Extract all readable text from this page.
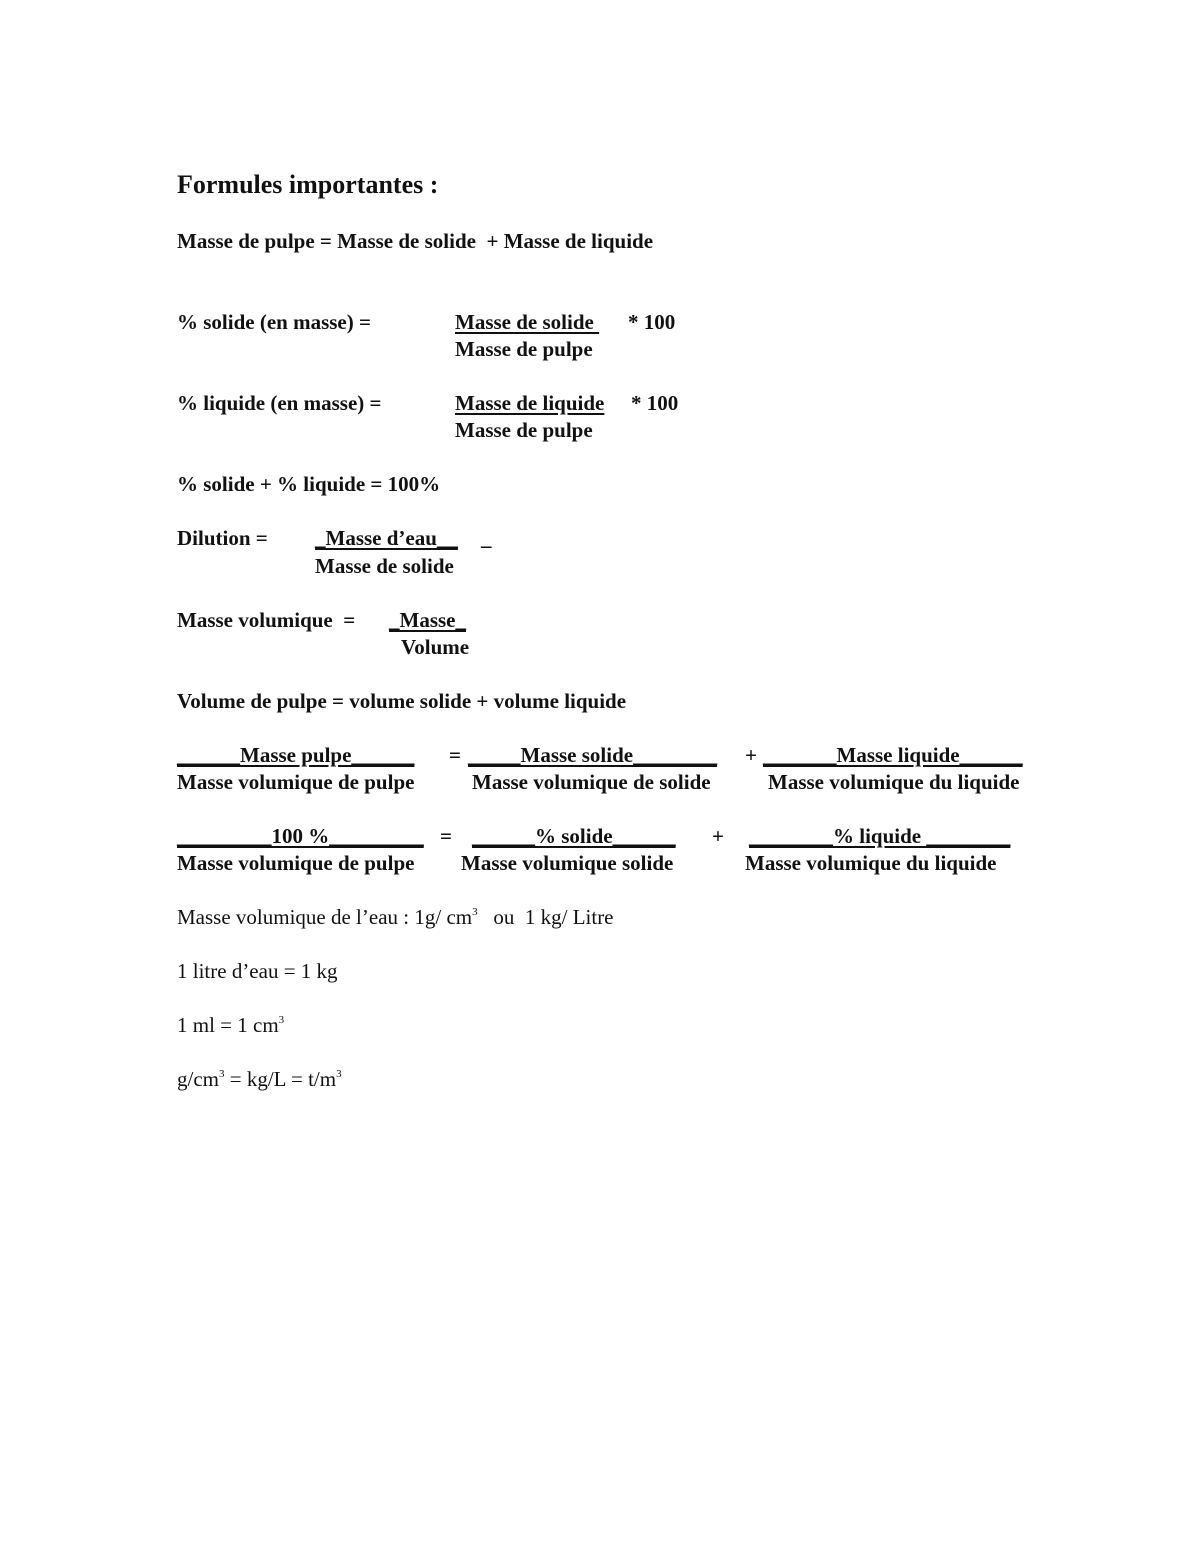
Formules importantes :
Masse de pulpe = Masse de solide  + Masse de liquide
% solide (en masse) =	Masse de solide * 100
Masse de pulpe
% liquide (en masse) =	Masse de liquide * 100
Masse de pulpe
% solide + % liquide = 100%
Dilution = _Masse d’eau__ _
Masse de solide
Masse volumique  = _Masse_
Volume
Volume de pulpe = volume solide + volume liquide
______Masse pulpe______ = _____Masse solide________ + _______Masse liquide______
Masse volumique de pulpe	Masse volumique de solide	Masse volumique du liquide
_________100 %_________ = ______% solide______ + ________% liquide ________
Masse volumique de pulpe Masse volumique solide	Masse volumique du liquide
Masse volumique de l’eau : 1g/ $cm^3$   ou  1 kg/ Litre
1 litre d’eau = 1 kg
1 ml = 1 $cm^3$
$g/cm^3 = kg/L = t/m^3$
